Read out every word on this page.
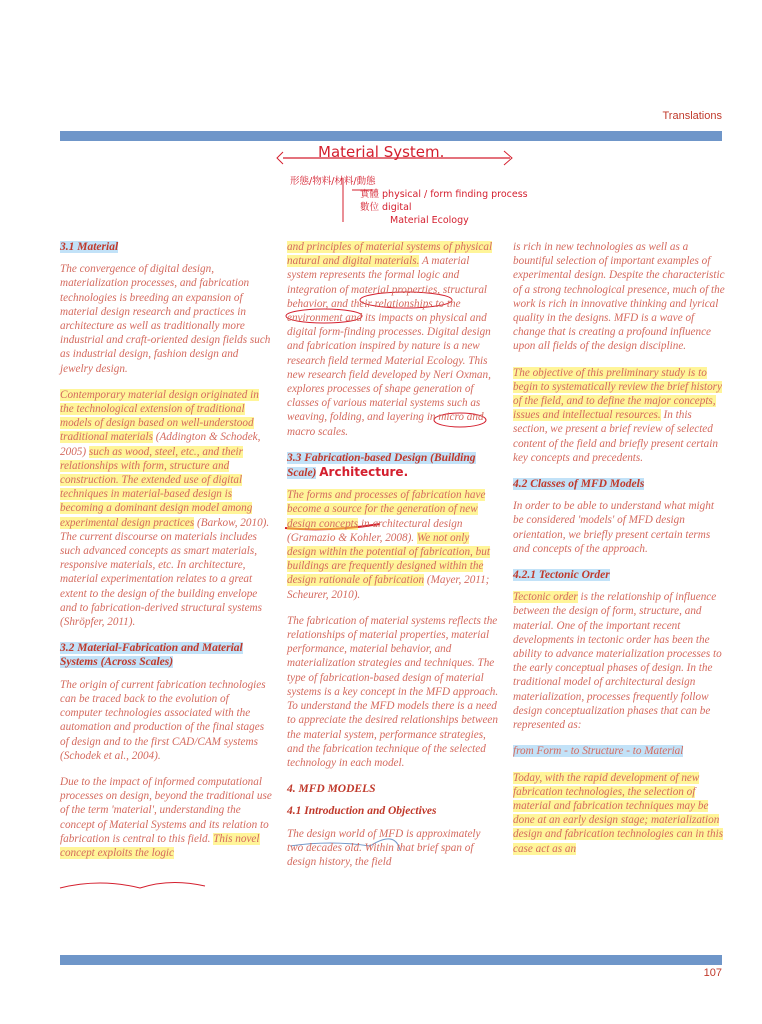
Translations
Material System.
形態/物料/材料/動態
實體 physical / form finding process
數位 digital
Material Ecology
3.1 Material

The convergence of digital design, materialization processes, and fabrication technologies is breeding an expansion of material design research and practices in architecture as well as traditionally more industrial and craft-oriented design fields such as industrial design, fashion design and jewelry design.

Contemporary material design originated in the technological extension of traditional models of design based on well-understood traditional materials (Addington & Schodek, 2005) such as wood, steel, etc., and their relationships with form, structure and construction. The extended use of digital techniques in material-based design is becoming a dominant design model among experimental design practices (Barkow, 2010). The current discourse on materials includes such advanced concepts as smart materials, responsive materials, etc. In architecture, material experimentation relates to a great extent to the design of the building envelope and to fabrication-derived structural systems (Shröpfer, 2011).

3.2 Material-Fabrication and Material Systems (Across Scales)

The origin of current fabrication technologies can be traced back to the evolution of computer technologies associated with the automation and production of the final stages of design and to the first CAD/CAM systems (Schodek et al., 2004).

Due to the impact of informed computational processes on design, beyond the traditional use of the term 'material', understanding the concept of Material Systems and its relation to fabrication is central to this field. This novel concept exploits the logic

and principles of material systems of physical natural and digital materials. A material system represents the formal logic and integration of material properties, structural behavior, and their relationships to the environment and its impacts on physical and digital form-finding processes. Digital design and fabrication inspired by nature is a new research field termed Material Ecology. This new research field developed by Neri Oxman, explores processes of shape generation of classes of various material systems such as weaving, folding, and layering in micro and macro scales.

3.3 Fabrication-based Design (Building Scale) Architecture.

The forms and processes of fabrication have become a source for the generation of new design concepts in architectural design (Gramazio & Kohler, 2008). We not only design within the potential of fabrication, but buildings are frequently designed within the design rationale of fabrication (Mayer, 2011; Scheurer, 2010).

The fabrication of material systems reflects the relationships of material properties, material performance, material behavior, and materialization strategies and techniques. The type of fabrication-based design of material systems is a key concept in the MFD approach. To understand the MFD models there is a need to appreciate the desired relationships between the material system, performance strategies, and the fabrication technique of the selected technology in each model.

4. MFD MODELS
4.1 Introduction and Objectives

The design world of MFD is approximately two decades old. Within that brief span of design history, the field

is rich in new technologies as well as a bountiful selection of important examples of experimental design. Despite the characteristic of a strong technological presence, much of the work is rich in innovative thinking and lyrical quality in the designs. MFD is a wave of change that is creating a profound influence upon all fields of the design discipline.

The objective of this preliminary study is to begin to systematically review the brief history of the field, and to define the major concepts, issues and intellectual resources. In this section, we present a brief review of selected content of the field and briefly present certain key concepts and precedents.

4.2 Classes of MFD Models

In order to be able to understand what might be considered 'models' of MFD design orientation, we briefly present certain terms and concepts of the approach.

4.2.1 Tectonic Order

Tectonic order is the relationship of influence between the design of form, structure, and material. One of the important recent developments in tectonic order has been the ability to advance materialization processes to the early conceptual phases of design. In the traditional model of architectural design materialization, processes frequently follow design conceptualization phases that can be represented as:

from Form - to Structure - to Material

Today, with the rapid development of new fabrication technologies, the selection of material and fabrication techniques may be done at an early design stage; materialization design and fabrication technologies can in this case act as an

107
